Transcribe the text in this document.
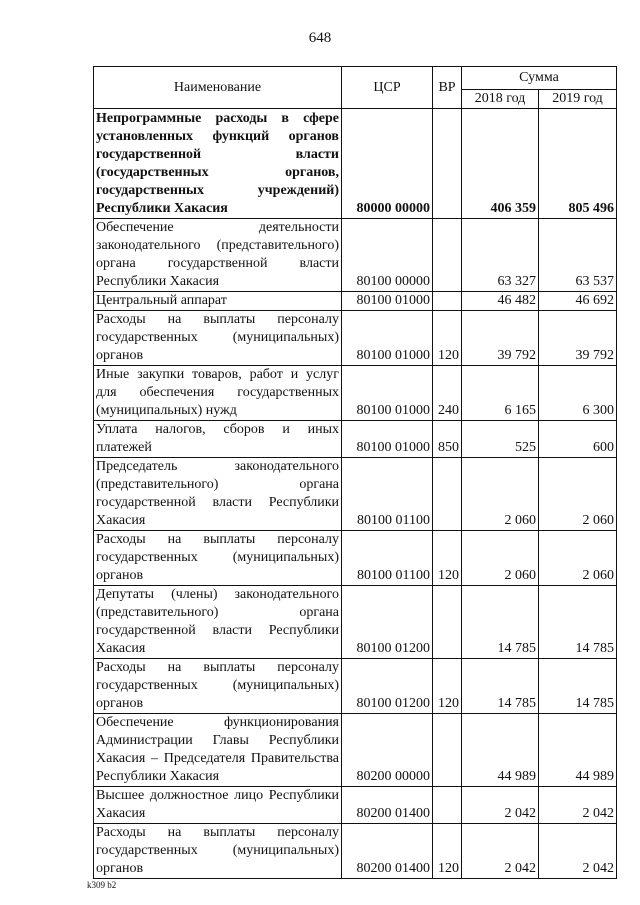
648
Наименование	ЦСР	ВР	Сумма	
			2018 год	2019 год
Непрограммные расходы в сфере установленных функций органов государственной власти (государственных органов, государственных учреждений) Республики Хакасия	80000 00000		406 359	805 496
Обеспечение деятельности законодательного (представительного) органа государственной власти Республики Хакасия	80100 00000		63 327	63 537
Центральный аппарат	80100 01000		46 482	46 692
Расходы на выплаты персоналу государственных (муниципальных) органов	80100 01000	120	39 792	39 792
Иные закупки товаров, работ и услуг для обеспечения государственных (муниципальных) нужд	80100 01000	240	6 165	6 300
Уплата налогов, сборов и иных платежей	80100 01000	850	525	600
Председатель законодательного (представительного) органа государственной власти Республики Хакасия	80100 01100		2 060	2 060
Расходы на выплаты персоналу государственных (муниципальных) органов	80100 01100	120	2 060	2 060
Депутаты (члены) законодательного (представительного) органа государственной власти Республики Хакасия	80100 01200		14 785	14 785
Расходы на выплаты персоналу государственных (муниципальных) органов	80100 01200	120	14 785	14 785
Обеспечение функционирования Администрации Главы Республики Хакасия – Председателя Правительства Республики Хакасия	80200 00000		44 989	44 989
Высшее должностное лицо Республики Хакасия	80200 01400		2 042	2 042
Расходы на выплаты персоналу государственных (муниципальных) органов	80200 01400	120	2 042	2 042
k309 b2
